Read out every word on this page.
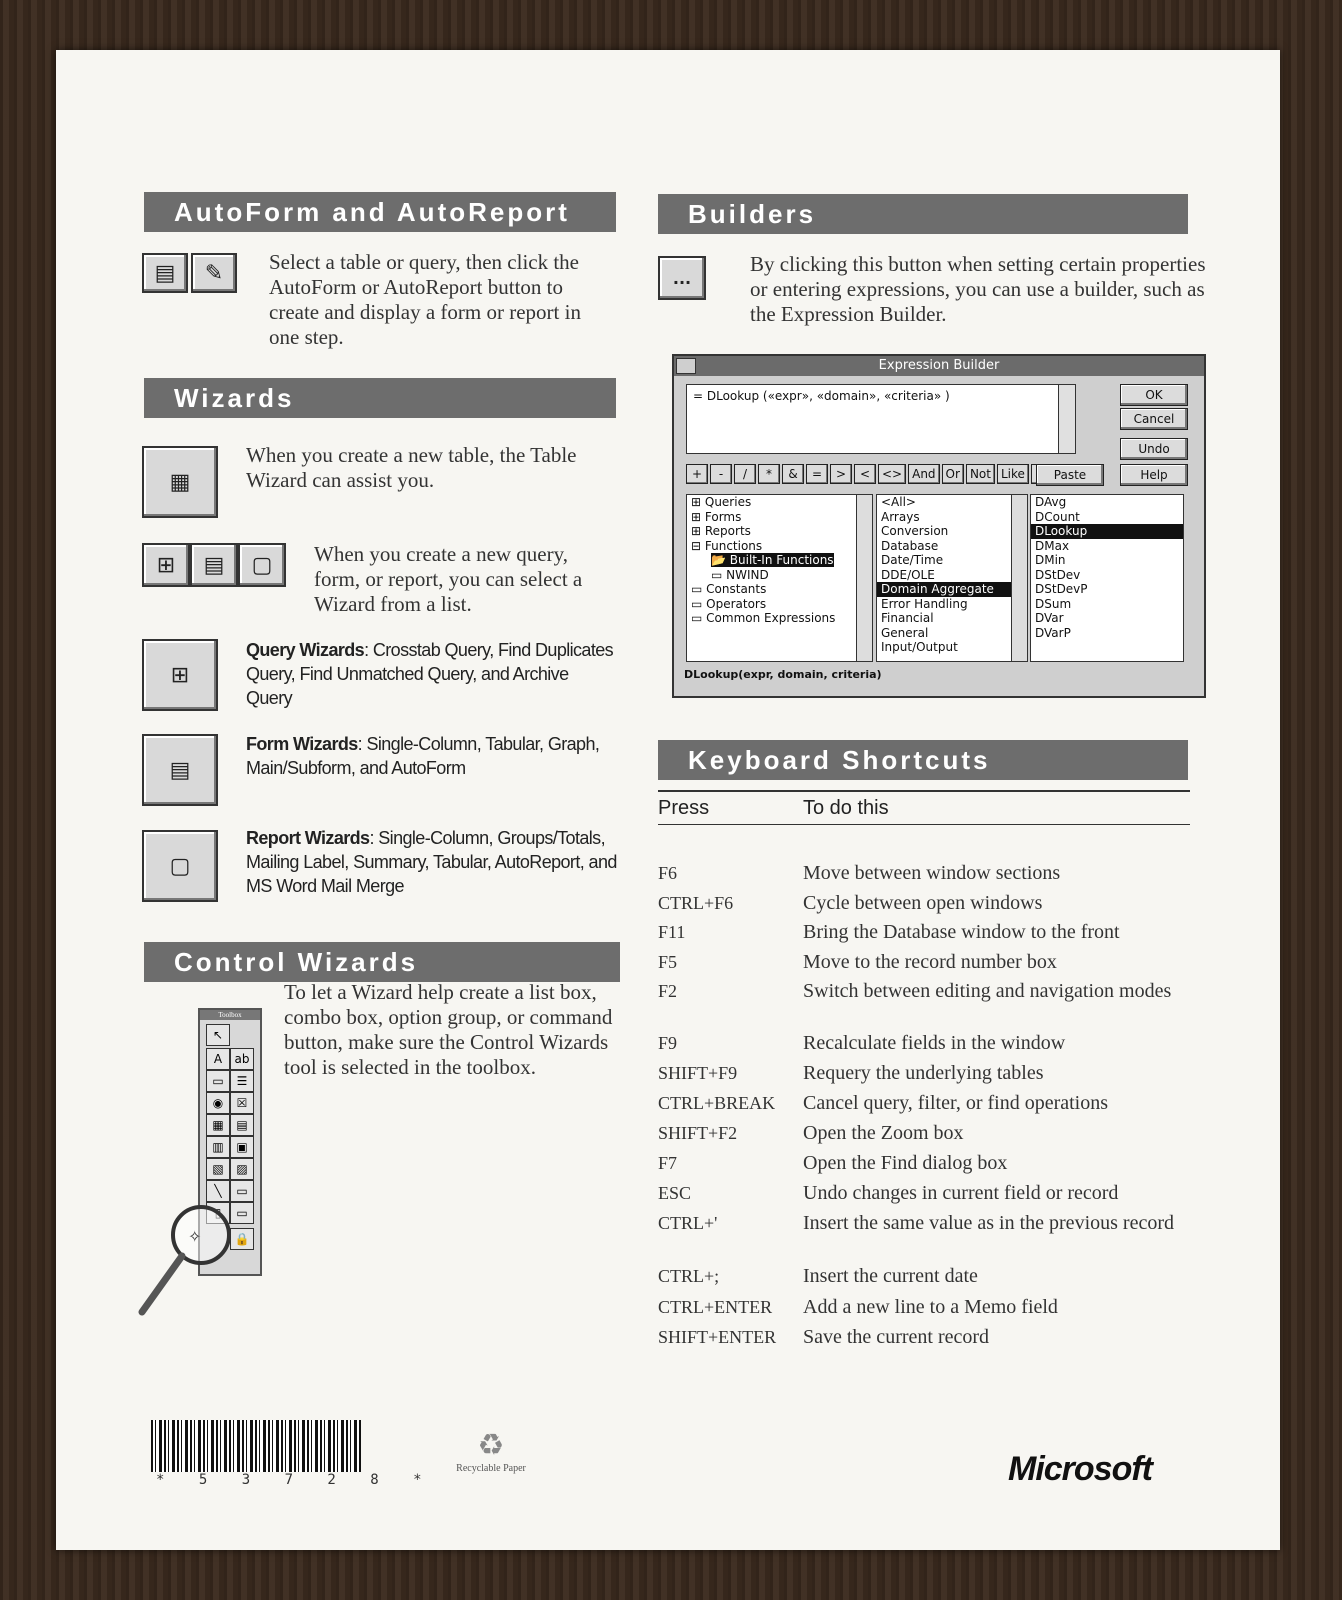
AutoForm and AutoReport
▤	✎	Select a table or query, then click the AutoForm or AutoReport button to create and display a form or report in one step.
Wizards
▦
When you create a new table, the Table Wizard can assist you.
⊞	▤	▢	When you create a new query, form, or report, you can select a Wizard from a list.
⊞
Query Wizards: Crosstab Query, Find Duplicates Query, Find Unmatched Query, and Archive Query
▤
Form Wizards: Single-Column, Tabular, Graph, Main/Subform, and AutoForm
▢
Report Wizards: Single-Column, Groups/Totals, Mailing Label, Summary, Tabular, AutoReport, and MS Word Mail Merge
Control Wizards
Toolbox
↖
A	ab
▭	☰
◉	☒
▦	▤
▥	▣
▧	▨
╲	▭
▭
🔒
✧
To let a Wizard help create a list box, combo box, option group, or command button, make sure the Control Wizards tool is selected in the toolbox.
Builders
...
By clicking this button when setting certain properties or entering expressions, you can use a builder, such as the Expression Builder.
Expression Builder
= DLookup («expr», «domain», «criteria» )	OK
Cancel
Undo
+	-	/	*	&	=	>	< <> And Or Not Like	Paste	Help
⊞ Queries
⊞ Forms
⊞ Reports
⊟ Functions
📂 Built-In Functions
▭ NWIND
▭ Constants
▭ Operators
▭ Common Expressions
<All>
Arrays
Conversion
Database
Date/Time
DDE/OLE
Domain Aggregate
Error Handling
Financial
General
Input/Output
DAvg
DCount
DLookup
DMax
DMin
DStDev
DStDevP
DSum
DVar
DVarP
DLookup(expr, domain, criteria)
Keyboard Shortcuts
Press	To do this
F6	Move between window sections
CTRL+F6	Cycle between open windows
F11	Bring the Database window to the front
F5	Move to the record number box
F2	Switch between editing and navigation modes
F9	Recalculate fields in the window
SHIFT+F9	Requery the underlying tables
CTRL+BREAK Cancel query, filter, or find operations
SHIFT+F2	Open the Zoom box
F7	Open the Find dialog box
ESC	Undo changes in current field or record
CTRL+'	Insert the same value as in the previous record
CTRL+;	Insert the current date
CTRL+ENTER Add a new line to a Memo field
SHIFT+ENTER Save the current record
* 5 3 7 2 8 *
♻
Recyclable Paper	Microsoft
